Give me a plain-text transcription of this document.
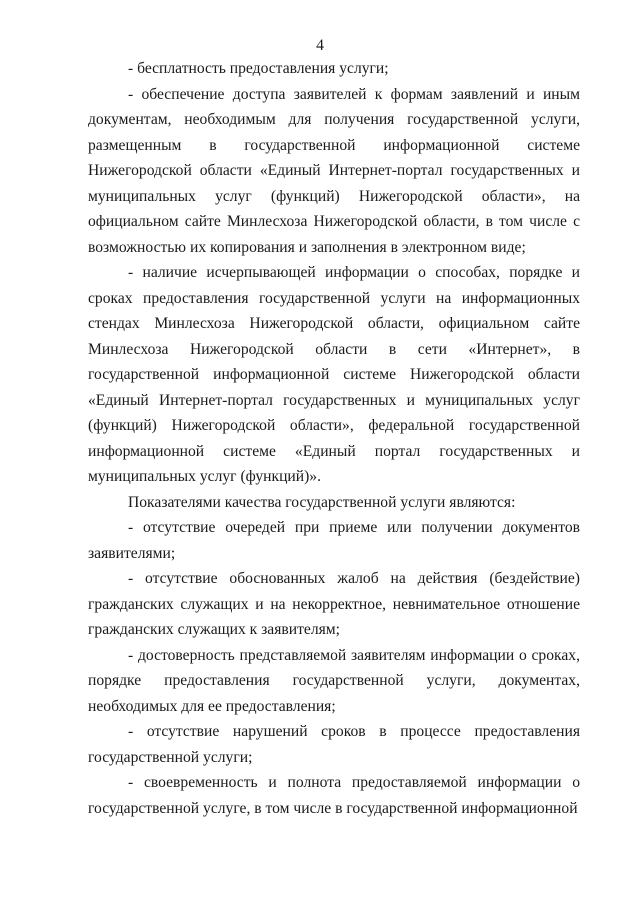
4

- бесплатность предоставления услуги;

- обеспечение доступа заявителей к формам заявлений и иным документам, необходимым для получения государственной услуги, размещенным в государственной информационной системе Нижегородской области «Единый Интернет-портал государственных и муниципальных услуг (функций) Нижегородской области», на официальном сайте Минлесхоза Нижегородской области, в том числе с возможностью их копирования и заполнения в электронном виде;

- наличие исчерпывающей информации о способах, порядке и сроках предоставления государственной услуги на информационных стендах Минлесхоза Нижегородской области, официальном сайте Минлесхоза Нижегородской области в сети «Интернет», в государственной информационной системе Нижегородской области «Единый Интернет-портал государственных и муниципальных услуг (функций) Нижегородской области», федеральной государственной информационной системе «Единый портал государственных и муниципальных услуг (функций)».

Показателями качества государственной услуги являются:

- отсутствие очередей при приеме или получении документов заявителями;

- отсутствие обоснованных жалоб на действия (бездействие) гражданских служащих и на некорректное, невнимательное отношение гражданских служащих к заявителям;

- достоверность представляемой заявителям информации о сроках, порядке предоставления государственной услуги, документах, необходимых для ее предоставления;

- отсутствие нарушений сроков в процессе предоставления государственной услуги;

- своевременность и полнота предоставляемой информации о государственной услуге, в том числе в государственной информационной
